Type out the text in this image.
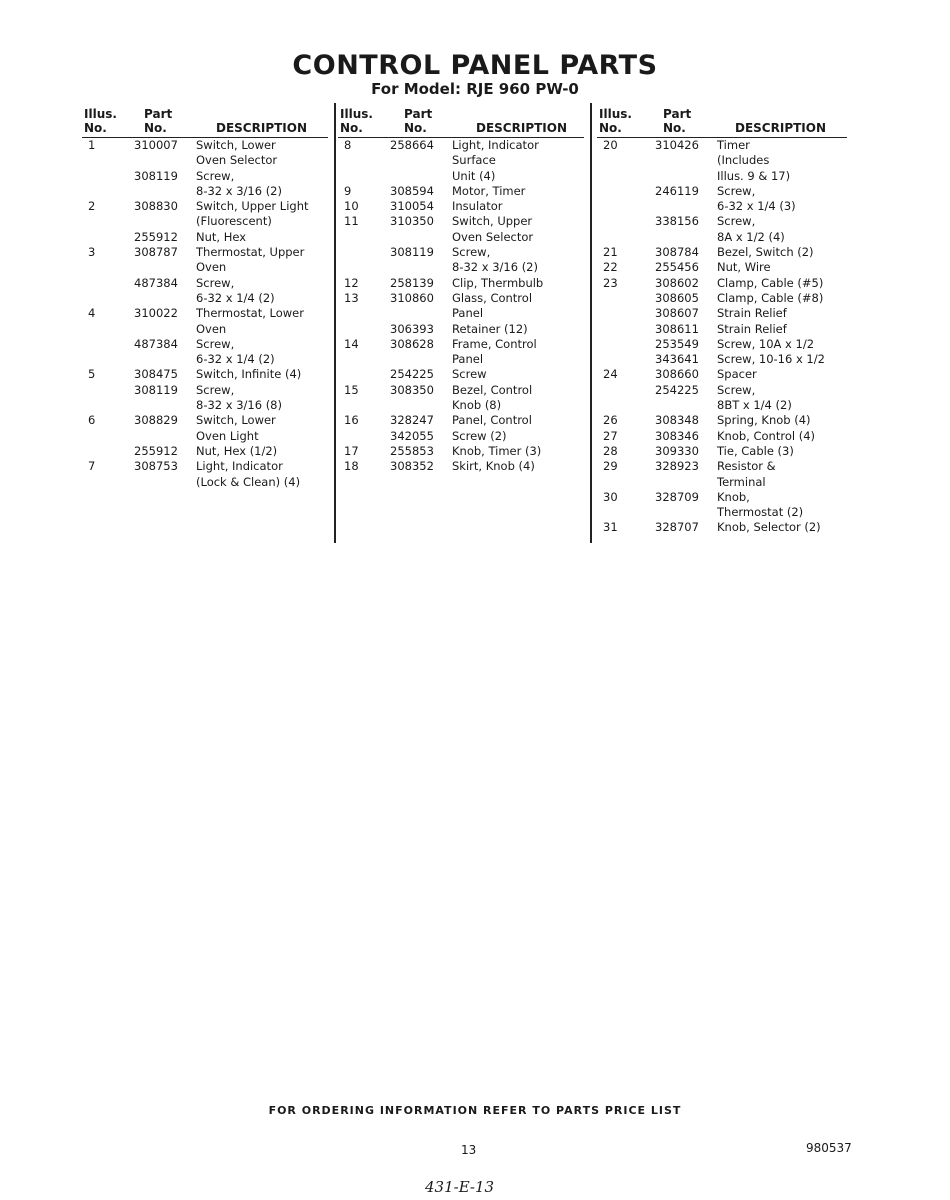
CONTROL PANEL PARTS
For Model: RJE 960 PW-0
Illus.
No.
Part
No.	DESCRIPTION
1	310007 Switch, Lower
Oven Selector
308119 Screw,
8-32 x 3/16 (2)
2	308830 Switch, Upper Light
(Fluorescent)
255912 Nut, Hex
3	308787 Thermostat, Upper
Oven
487384 Screw,
6-32 x 1/4 (2)
4	310022 Thermostat, Lower
Oven
487384 Screw,
6-32 x 1/4 (2)
5	308475 Switch, Infinite (4)
308119 Screw,
8-32 x 3/16 (8)
6	308829 Switch, Lower
Oven Light
255912 Nut, Hex (1/2)
7	308753 Light, Indicator
(Lock & Clean) (4)
Illus.
No.
Part
No.	DESCRIPTION
8	258664 Light, Indicator
Surface
Unit (4)
9	308594 Motor, Timer
10	310054 Insulator
11	310350 Switch, Upper
Oven Selector
308119 Screw,
8-32 x 3/16 (2)
12	258139 Clip, Thermbulb
13	310860 Glass, Control
Panel
306393 Retainer (12)
14	308628 Frame, Control
Panel
254225 Screw
15	308350 Bezel, Control
Knob (8)
16	328247 Panel, Control
342055 Screw (2)
17	255853 Knob, Timer (3)
18	308352 Skirt, Knob (4)
Illus.
No.
Part
No.	DESCRIPTION
20	310426 Timer
(Includes
Illus. 9 & 17)
246119 Screw,
6-32 x 1/4 (3)
338156 Screw,
8A x 1/2 (4)
21	308784 Bezel, Switch (2)
22	255456 Nut, Wire
23	308602 Clamp, Cable (#5)
308605 Clamp, Cable (#8)
308607 Strain Relief
308611 Strain Relief
253549 Screw, 10A x 1/2
343641 Screw, 10-16 x 1/2
24	308660 Spacer
254225 Screw,
8BT x 1/4 (2)
26	308348 Spring, Knob (4)
27	308346 Knob, Control (4)
28	309330 Tie, Cable (3)
29	328923 Resistor &
Terminal
30	328709 Knob,
Thermostat (2)
31	328707 Knob, Selector (2)
FOR ORDERING INFORMATION REFER TO PARTS PRICE LIST
13	980537
431-E-13
